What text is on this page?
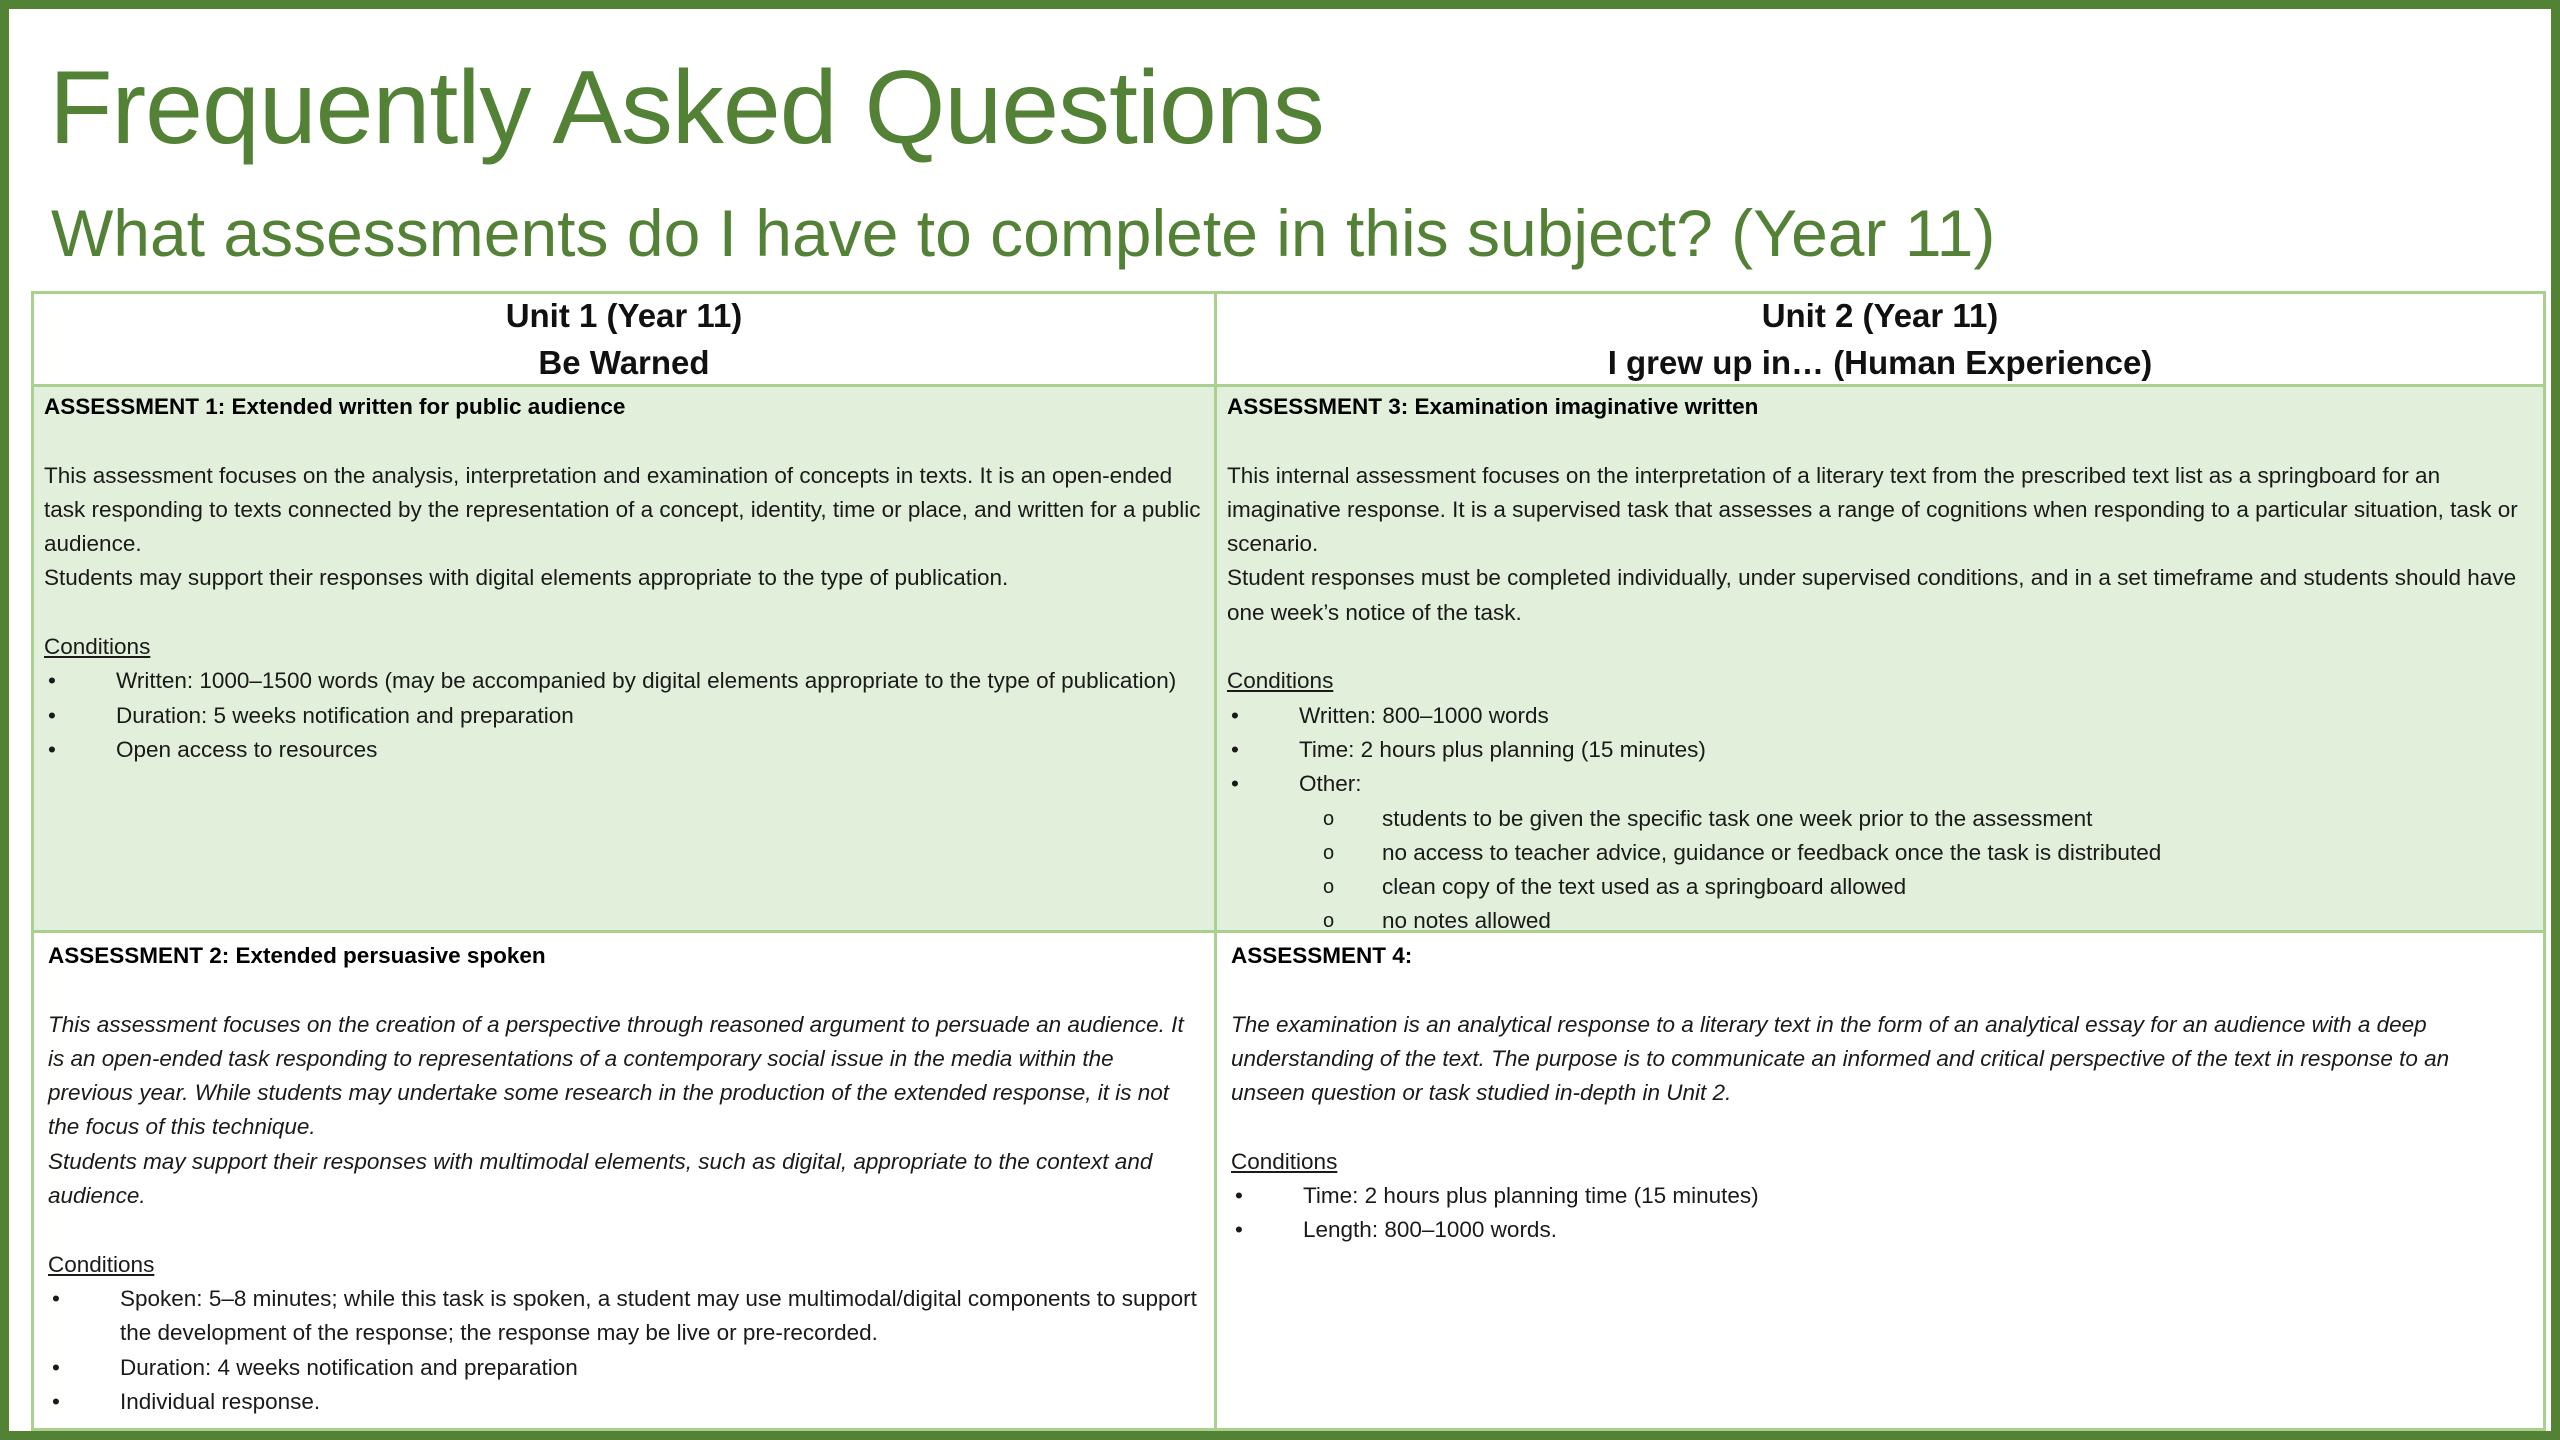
Frequently Asked Questions
What assessments do I have to complete in this subject? (Year 11)
Unit 1 (Year 11)
Be Warned
Unit 2 (Year 11)
I grew up in… (Human Experience)
ASSESSMENT 1: Extended written for public audience
This assessment focuses on the analysis, interpretation and examination of concepts in texts. It is an open-ended task responding to texts connected by the representation of a concept, identity, time or place, and written for a public audience.
Students may support their responses with digital elements appropriate to the type of publication.
Conditions
•	Written: 1000–1500 words (may be accompanied by digital elements appropriate to the type of publication)
•	Duration: 5 weeks notification and preparation
•	Open access to resources
ASSESSMENT 3: Examination imaginative written
This internal assessment focuses on the interpretation of a literary text from the prescribed text list as a springboard for an imaginative response. It is a supervised task that assesses a range of cognitions when responding to a particular situation, task or scenario.
Student responses must be completed individually, under supervised conditions, and in a set timeframe and students should have one week’s notice of the task.
Conditions
•	Written: 800–1000 words
•	Time: 2 hours plus planning (15 minutes)
•	Other:
o students to be given the specific task one week prior to the assessment
o no access to teacher advice, guidance or feedback once the task is distributed
o clean copy of the text used as a springboard allowed
o no notes allowed
ASSESSMENT 2: Extended persuasive spoken
This assessment focuses on the creation of a perspective through reasoned argument to persuade an audience. It is an open-ended task responding to representations of a contemporary social issue in the media within the previous year. While students may undertake some research in the production of the extended response, it is not the focus of this technique.
Students may support their responses with multimodal elements, such as digital, appropriate to the context and audience.
Conditions
•	Spoken: 5–8 minutes; while this task is spoken, a student may use multimodal/digital components to support the development of the response; the response may be live or pre-recorded.
•	Duration: 4 weeks notification and preparation
•	Individual response.
ASSESSMENT 4:
The examination is an analytical response to a literary text in the form of an analytical essay for an audience with a deep understanding of the text. The purpose is to communicate an informed and critical perspective of the text in response to an unseen question or task studied in-depth in Unit 2.
Conditions
•	Time: 2 hours plus planning time (15 minutes)
•	Length: 800–1000 words.
